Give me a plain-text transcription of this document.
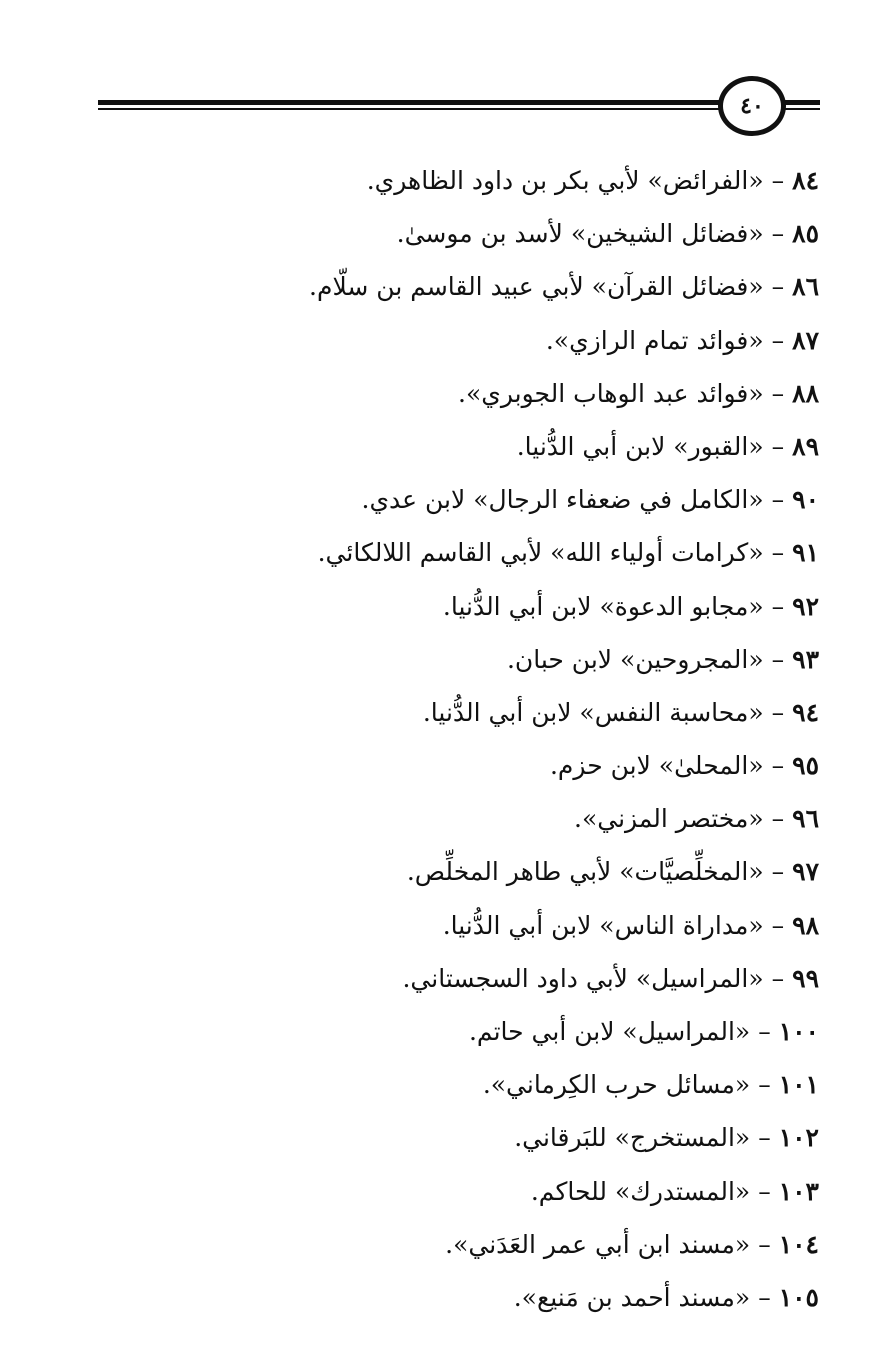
٤٠
٨٤–«الفرائض» لأبي بكر بن داود الظاهري.
٨٥–«فضائل الشيخين» لأسد بن موسىٰ.
٨٦–«فضائل القرآن» لأبي عبيد القاسم بن سلّام.
٨٧–«فوائد تمام الرازي».
٨٨–«فوائد عبد الوهاب الجوبري».
٨٩–«القبور» لابن أبي الدُّنيا.
٩٠–«الكامل في ضعفاء الرجال» لابن عدي.
٩١–«كرامات أولياء الله» لأبي القاسم اللالكائي.
٩٢–«مجابو الدعوة» لابن أبي الدُّنيا.
٩٣–«المجروحين» لابن حبان.
٩٤–«محاسبة النفس» لابن أبي الدُّنيا.
٩٥–«المحلىٰ» لابن حزم.
٩٦–«مختصر المزني».
٩٧–«المخلِّصيَّات» لأبي طاهر المخلِّص.
٩٨–«مداراة الناس» لابن أبي الدُّنيا.
٩٩–«المراسيل» لأبي داود السجستاني.
١٠٠–«المراسيل» لابن أبي حاتم.
١٠١–«مسائل حرب الكِرماني».
١٠٢–«المستخرج» للبَرقاني.
١٠٣–«المستدرك» للحاكم.
١٠٤–«مسند ابن أبي عمر العَدَني».
١٠٥–«مسند أحمد بن مَنيع».
